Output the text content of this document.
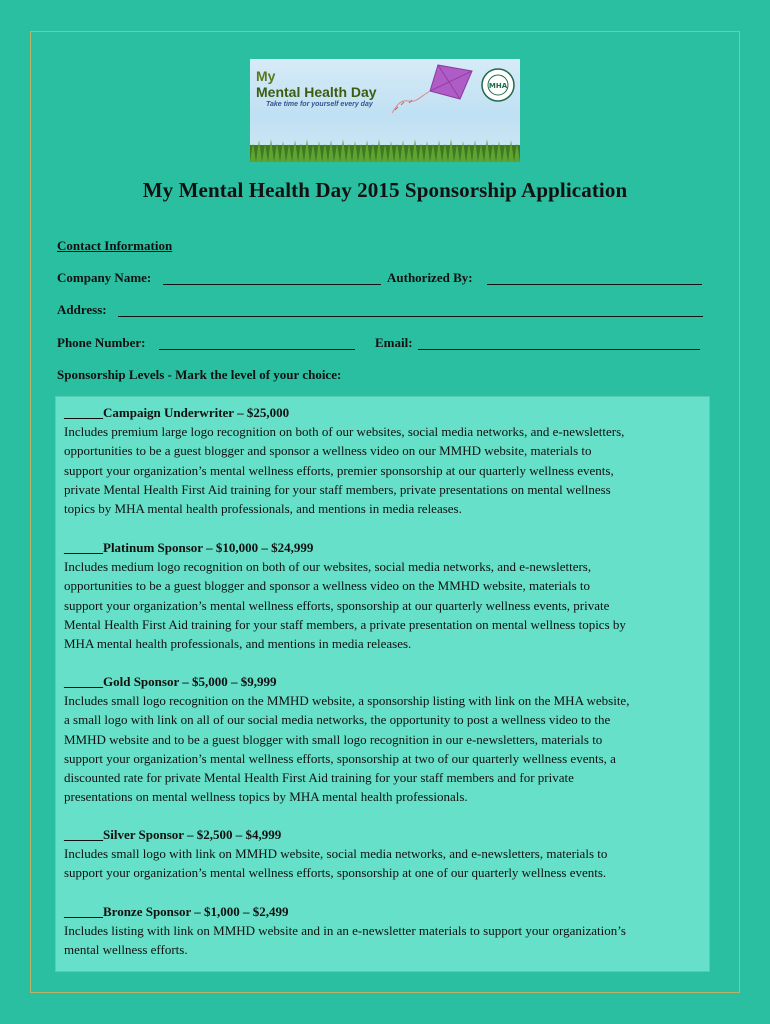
My
Mental Health Day
Take time for yourself every day
MHA
My Mental Health Day 2015 Sponsorship Application
Contact Information
Company Name:	Authorized By:
Address:
Phone Number:	Email:
Sponsorship Levels - Mark the level of your choice:

______Campaign Underwriter – $25,000

Includes premium large logo recognition on both of our websites, social media networks, and e-newsletters,

opportunities to be a guest blogger and sponsor a wellness video on our MMHD website, materials to

support your organization’s mental wellness efforts, premier sponsorship at our quarterly wellness events,

private Mental Health First Aid training for your staff members, private presentations on mental wellness

topics by MHA mental health professionals, and mentions in media releases.

______Platinum Sponsor – $10,000 – $24,999

Includes medium logo recognition on both of our websites, social media networks, and e-newsletters,

opportunities to be a guest blogger and sponsor a wellness video on the MMHD website, materials to

support your organization’s mental wellness efforts, sponsorship at our quarterly wellness events, private

Mental Health First Aid training for your staff members, a private presentation on mental wellness topics by

MHA mental health professionals, and mentions in media releases.

______Gold Sponsor – $5,000 – $9,999

Includes small logo recognition on the MMHD website, a sponsorship listing with link on the MHA website,

a small logo with link on all of our social media networks, the opportunity to post a wellness video to the

MMHD website and to be a guest blogger with small logo recognition in our e-newsletters, materials to

support your organization’s mental wellness efforts, sponsorship at two of our quarterly wellness events, a

discounted rate for private Mental Health First Aid training for your staff members and for private

presentations on mental wellness topics by MHA mental health professionals.

______Silver Sponsor – $2,500 – $4,999

Includes small logo with link on MMHD website, social media networks, and e-newsletters, materials to

support your organization’s mental wellness efforts, sponsorship at one of our quarterly wellness events.

______Bronze Sponsor – $1,000 – $2,499

Includes listing with link on MMHD website and in an e-newsletter materials to support your organization’s

mental wellness efforts.
